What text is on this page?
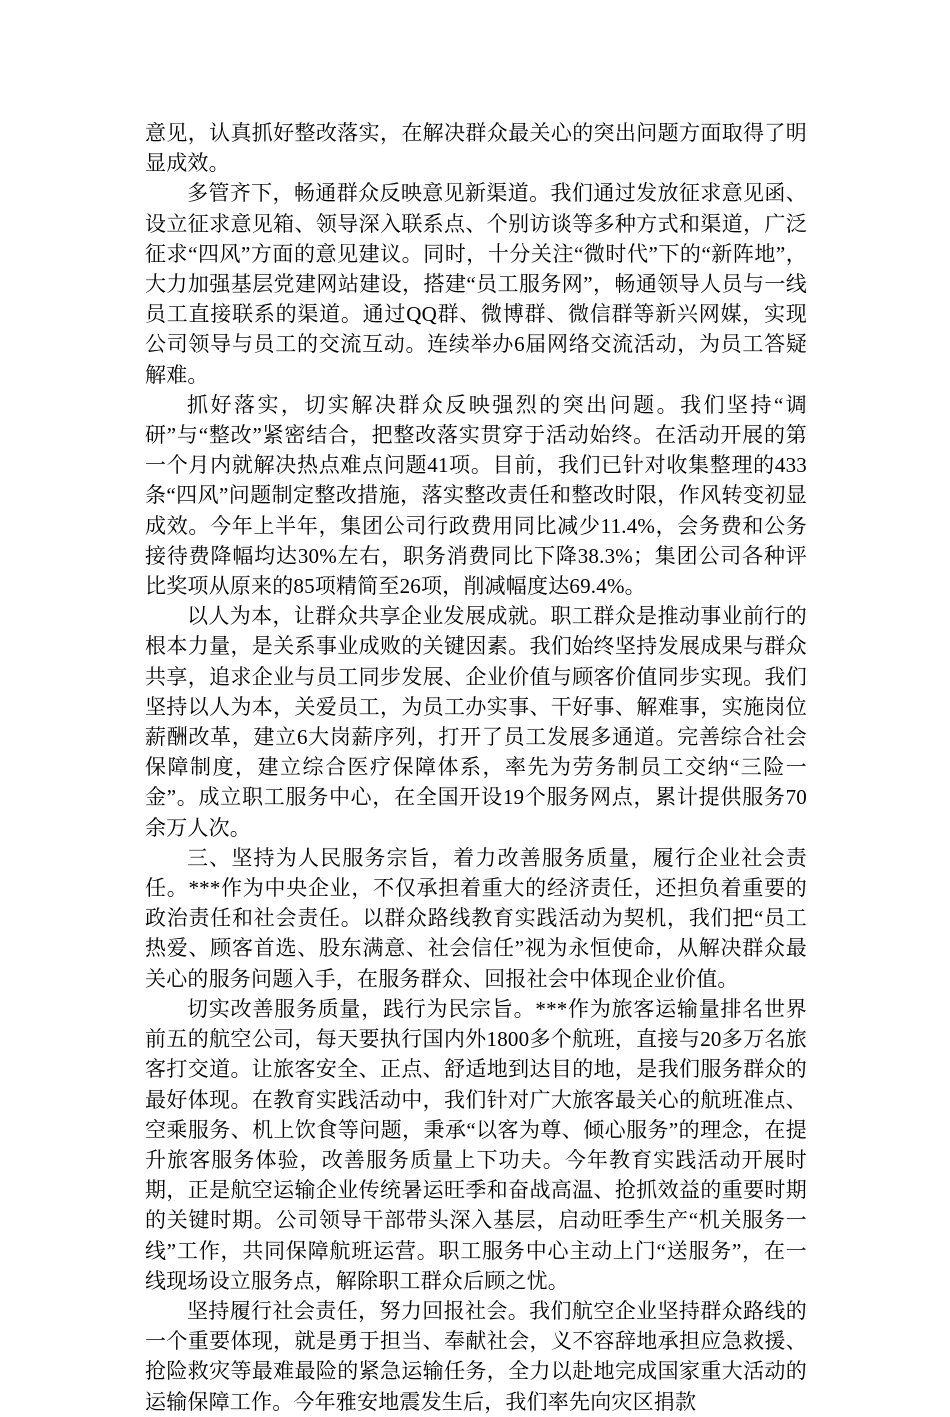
意见，认真抓好整改落实，在解决群众最关心的突出问题方面取得了明显成效。

多管齐下，畅通群众反映意见新渠道。我们通过发放征求意见函、设立征求意见箱、领导深入联系点、个别访谈等多种方式和渠道，广泛征求“四风”方面的意见建议。同时，十分关注“微时代”下的“新阵地”，大力加强基层党建网站建设，搭建“员工服务网”，畅通领导人员与一线员工直接联系的渠道。通过QQ群、微博群、微信群等新兴网媒，实现公司领导与员工的交流互动。连续举办6届网络交流活动，为员工答疑解难。

抓好落实，切实解决群众反映强烈的突出问题。我们坚持“调研”与“整改”紧密结合，把整改落实贯穿于活动始终。在活动开展的第一个月内就解决热点难点问题41项。目前，我们已针对收集整理的433条“四风”问题制定整改措施，落实整改责任和整改时限，作风转变初显成效。今年上半年，集团公司行政费用同比减少11.4%，会务费和公务接待费降幅均达30%左右，职务消费同比下降38.3%；集团公司各种评比奖项从原来的85项精简至26项，削减幅度达69.4%。

以人为本，让群众共享企业发展成就。职工群众是推动事业前行的根本力量，是关系事业成败的关键因素。我们始终坚持发展成果与群众共享，追求企业与员工同步发展、企业价值与顾客价值同步实现。我们坚持以人为本，关爱员工，为员工办实事、干好事、解难事，实施岗位薪酬改革，建立6大岗薪序列，打开了员工发展多通道。完善综合社会保障制度，建立综合医疗保障体系，率先为劳务制员工交纳“三险一金”。成立职工服务中心，在全国开设19个服务网点，累计提供服务70余万人次。

三、坚持为人民服务宗旨，着力改善服务质量，履行企业社会责任。***作为中央企业，不仅承担着重大的经济责任，还担负着重要的政治责任和社会责任。以群众路线教育实践活动为契机，我们把“员工热爱、顾客首选、股东满意、社会信任”视为永恒使命，从解决群众最关心的服务问题入手，在服务群众、回报社会中体现企业价值。

切实改善服务质量，践行为民宗旨。***作为旅客运输量排名世界前五的航空公司，每天要执行国内外1800多个航班，直接与20多万名旅客打交道。让旅客安全、正点、舒适地到达目的地，是我们服务群众的最好体现。在教育实践活动中，我们针对广大旅客最关心的航班准点、空乘服务、机上饮食等问题，秉承“以客为尊、倾心服务”的理念，在提升旅客服务体验，改善服务质量上下功夫。今年教育实践活动开展时期，正是航空运输企业传统暑运旺季和奋战高温、抢抓效益的重要时期的关键时期。公司领导干部带头深入基层，启动旺季生产“机关服务一线”工作，共同保障航班运营。职工服务中心主动上门“送服务”，在一线现场设立服务点，解除职工群众后顾之忧。

坚持履行社会责任，努力回报社会。我们航空企业坚持群众路线的一个重要体现，就是勇于担当、奉献社会，义不容辞地承担应急救援、抢险救灾等最难最险的紧急运输任务，全力以赴地完成国家重大活动的运输保障工作。今年雅安地震发生后，我们率先向灾区捐款
